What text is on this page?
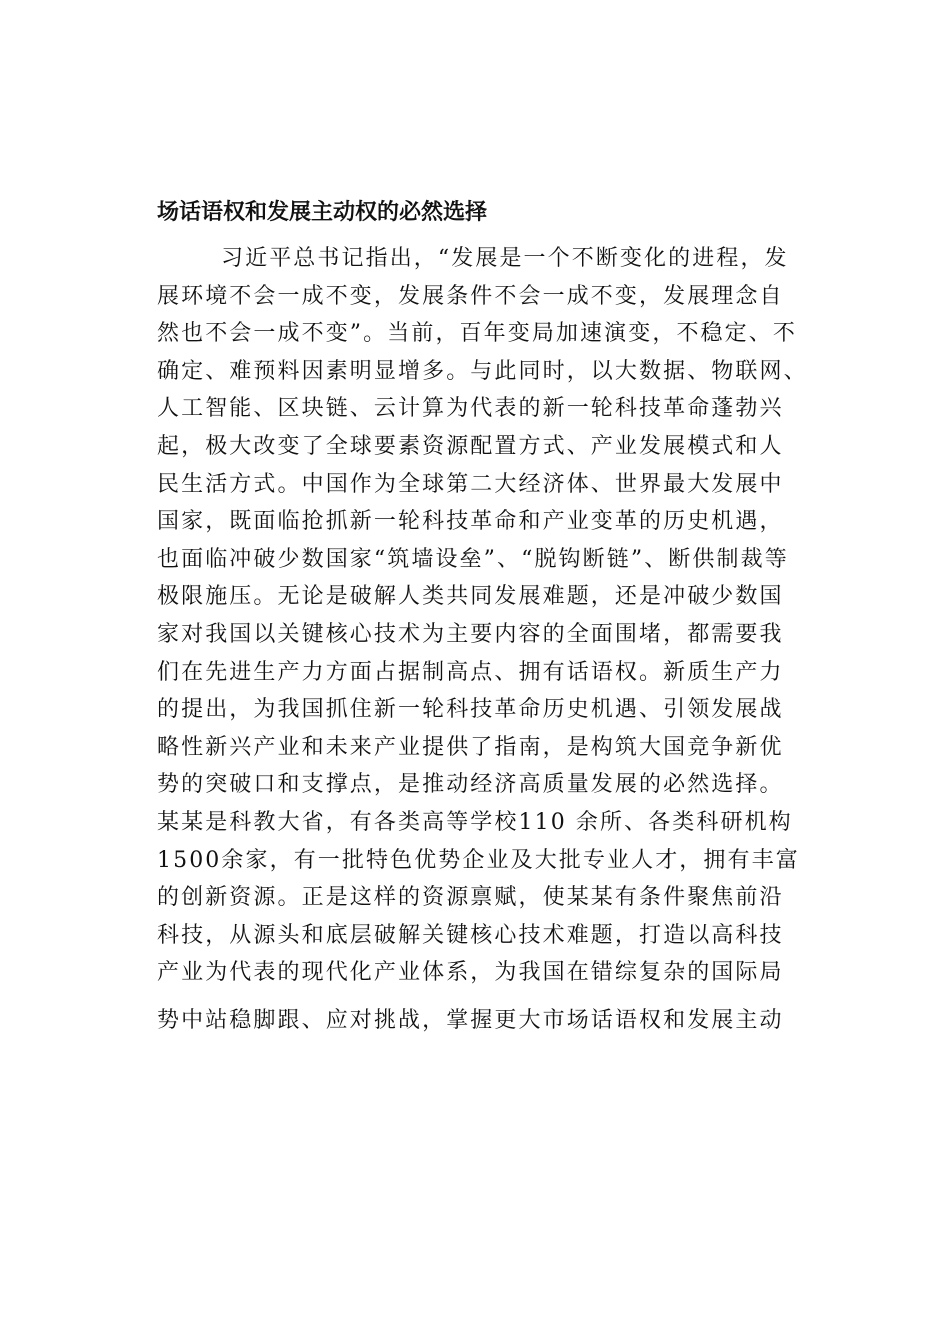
场话语权和发展主动权的必然选择
习近平总书记指出，“发展是一个不断变化的进程，发
展环境不会一成不变，发展条件不会一成不变，发展理念自
然也不会一成不变”。当前，百年变局加速演变，不稳定、不
确定、难预料因素明显增多。与此同时，以大数据、物联网、
人工智能、区块链、云计算为代表的新一轮科技革命蓬勃兴
起，极大改变了全球要素资源配置方式、产业发展模式和人
民生活方式。中国作为全球第二大经济体、世界最大发展中
国家，既面临抢抓新一轮科技革命和产业变革的历史机遇，
也面临冲破少数国家“筑墙设垒”、“脱钩断链”、断供制裁等
极限施压。无论是破解人类共同发展难题，还是冲破少数国
家对我国以关键核心技术为主要内容的全面围堵，都需要我
们在先进生产力方面占据制高点、拥有话语权。新质生产力
的提出，为我国抓住新一轮科技革命历史机遇、引领发展战
略性新兴产业和未来产业提供了指南，是构筑大国竞争新优
势的突破口和支撑点，是推动经济高质量发展的必然选择。
某某是科教大省，有各类高等学校110 余所、各类科研机构
1500余家，有一批特色优势企业及大批专业人才，拥有丰富
的创新资源。正是这样的资源禀赋，使某某有条件聚焦前沿
科技，从源头和底层破解关键核心技术难题，打造以高科技
产业为代表的现代化产业体系，为我国在错综复杂的国际局
势中站稳脚跟、应对挑战，掌握更大市场话语权和发展主动
